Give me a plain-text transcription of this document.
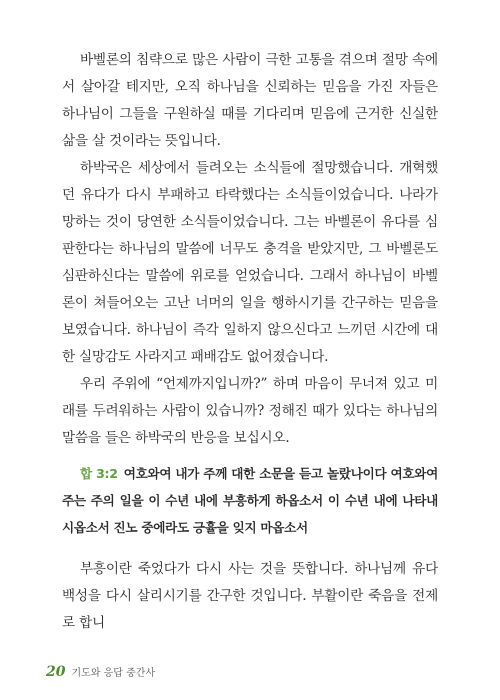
바벨론의 침략으로 많은 사람이 극한 고통을 겪으며 절망 속에서 살아갈 테지만, 오직 하나님을 신뢰하는 믿음을 가진 자들은 하나님이 그들을 구원하실 때를 기다리며 믿음에 근거한 신실한 삶을 살 것이라는 뜻입니다.

하박국은 세상에서 들려오는 소식들에 절망했습니다. 개혁했던 유다가 다시 부패하고 타락했다는 소식들이었습니다. 나라가 망하는 것이 당연한 소식들이었습니다. 그는 바벨론이 유다를 심판한다는 하나님의 말씀에 너무도 충격을 받았지만, 그 바벨론도 심판하신다는 말씀에 위로를 얻었습니다. 그래서 하나님이 바벨론이 쳐들어오는 고난 너머의 일을 행하시기를 간구하는 믿음을 보였습니다. 하나님이 즉각 일하지 않으신다고 느끼던 시간에 대한 실망감도 사라지고 패배감도 없어졌습니다.

우리 주위에 “언제까지입니까?” 하며 마음이 무너져 있고 미래를 두려워하는 사람이 있습니까? 정해진 때가 있다는 하나님의 말씀을 들은 하박국의 반응을 보십시오.

합 3:2 여호와여 내가 주께 대한 소문을 듣고 놀랐나이다 여호와여 주는 주의 일을 이 수년 내에 부흥하게 하옵소서 이 수년 내에 나타내시옵소서 진노 중에라도 긍휼을 잊지 마옵소서

부흥이란 죽었다가 다시 사는 것을 뜻합니다. 하나님께 유다 백성을 다시 살리시기를 간구한 것입니다. 부활이란 죽음을 전제로 합니

20 기도와 응답 중간사
